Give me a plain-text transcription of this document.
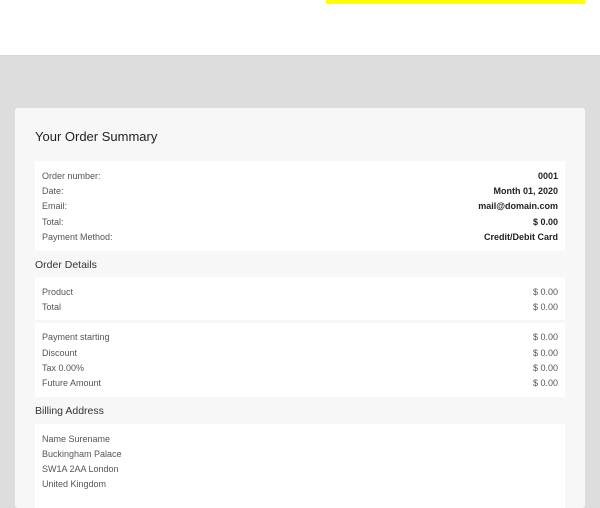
Your Order Summary
Order number:	0001
Date:	Month 01, 2020
Email:	mail@domain.com
Total:	$ 0.00
Payment Method:	Credit/Debit Card
Order Details
Product	$ 0.00
Total	$ 0.00
Payment starting	$ 0.00
Discount	$ 0.00
Tax 0.00%	$ 0.00
Future Amount	$ 0.00
Billing Address
Name Surename
Buckingham Palace
SW1A 2AA London
United Kingdom
